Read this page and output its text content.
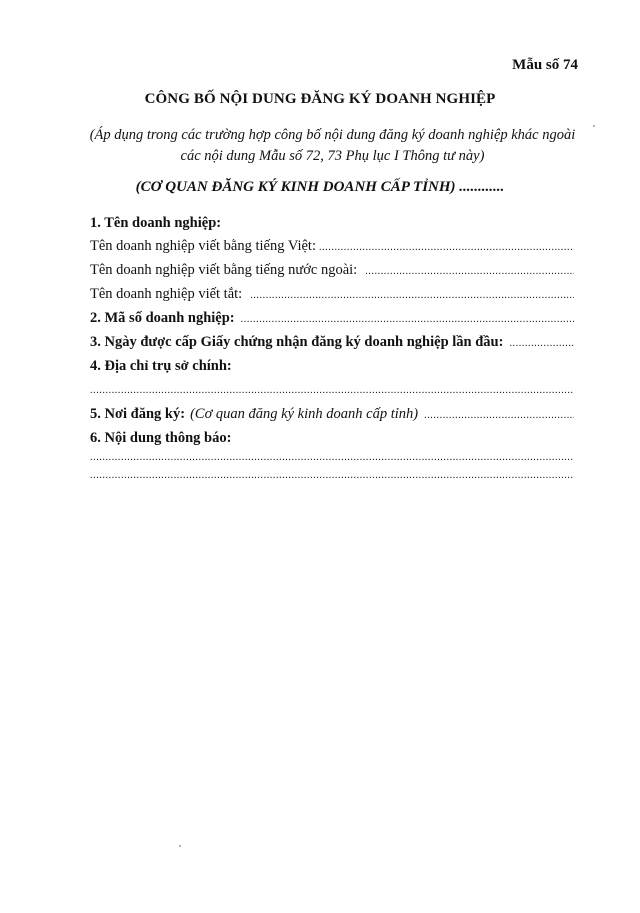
Mẫu số 74
CÔNG BỐ NỘI DUNG ĐĂNG KÝ DOANH NGHIỆP
(Áp dụng trong các trường hợp công bố nội dung đăng ký doanh nghiệp khác ngoài các nội dung Mẫu số 72, 73 Phụ lục I Thông tư này)
(CƠ QUAN ĐĂNG KÝ KINH DOANH CẤP TỈNH) ............
1. Tên doanh nghiệp:
Tên doanh nghiệp viết bằng tiếng Việt:
.....
Tên doanh nghiệp viết bằng tiếng nước ngoài:
.....
Tên doanh nghiệp viết tắt:
.....
2. Mã số doanh nghiệp:
.....
3. Ngày được cấp Giấy chứng nhận đăng ký doanh nghiệp lần đầu:
.....
4. Địa chỉ trụ sở chính:
.....
5. Nơi đăng ký: (Cơ quan đăng ký kinh doanh cấp tỉnh)
.....
6. Nội dung thông báo:
.....
.....
